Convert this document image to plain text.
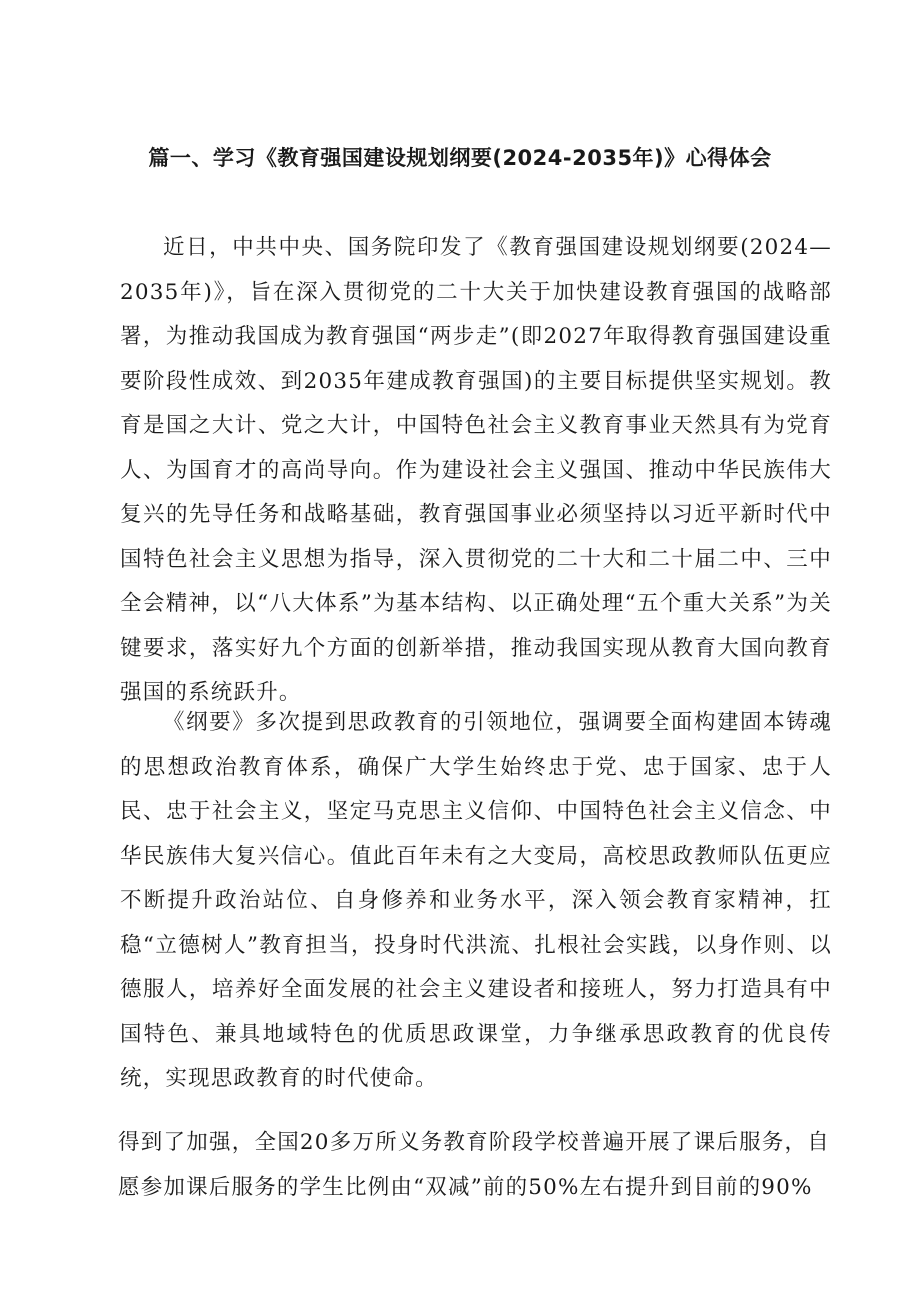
篇一、学习《教育强国建设规划纲要(2024-2035年)》心得体会

近日，中共中央、国务院印发了《教育强国建设规划纲要(2024—2035年)》，旨在深入贯彻党的二十大关于加快建设教育强国的战略部署，为推动我国成为教育强国“两步走”(即2027年取得教育强国建设重要阶段性成效、到2035年建成教育强国)的主要目标提供坚实规划。教育是国之大计、党之大计，中国特色社会主义教育事业天然具有为党育人、为国育才的高尚导向。作为建设社会主义强国、推动中华民族伟大复兴的先导任务和战略基础，教育强国事业必须坚持以习近平新时代中国特色社会主义思想为指导，深入贯彻党的二十大和二十届二中、三中全会精神，以“八大体系”为基本结构、以正确处理“五个重大关系”为关键要求，落实好九个方面的创新举措，推动我国实现从教育大国向教育强国的系统跃升。

《纲要》多次提到思政教育的引领地位，强调要全面构建固本铸魂的思想政治教育体系，确保广大学生始终忠于党、忠于国家、忠于人民、忠于社会主义，坚定马克思主义信仰、中国特色社会主义信念、中华民族伟大复兴信心。值此百年未有之大变局，高校思政教师队伍更应不断提升政治站位、自身修养和业务水平，深入领会教育家精神，扛稳“立德树人”教育担当，投身时代洪流、扎根社会实践，以身作则、以德服人，培养好全面发展的社会主义建设者和接班人，努力打造具有中国特色、兼具地域特色的优质思政课堂，力争继承思政教育的优良传统，实现思政教育的时代使命。

得到了加强，全国20多万所义务教育阶段学校普遍开展了课后服务，自愿参加课后服务的学生比例由“双减”前的50%左右提升到目前的90%
